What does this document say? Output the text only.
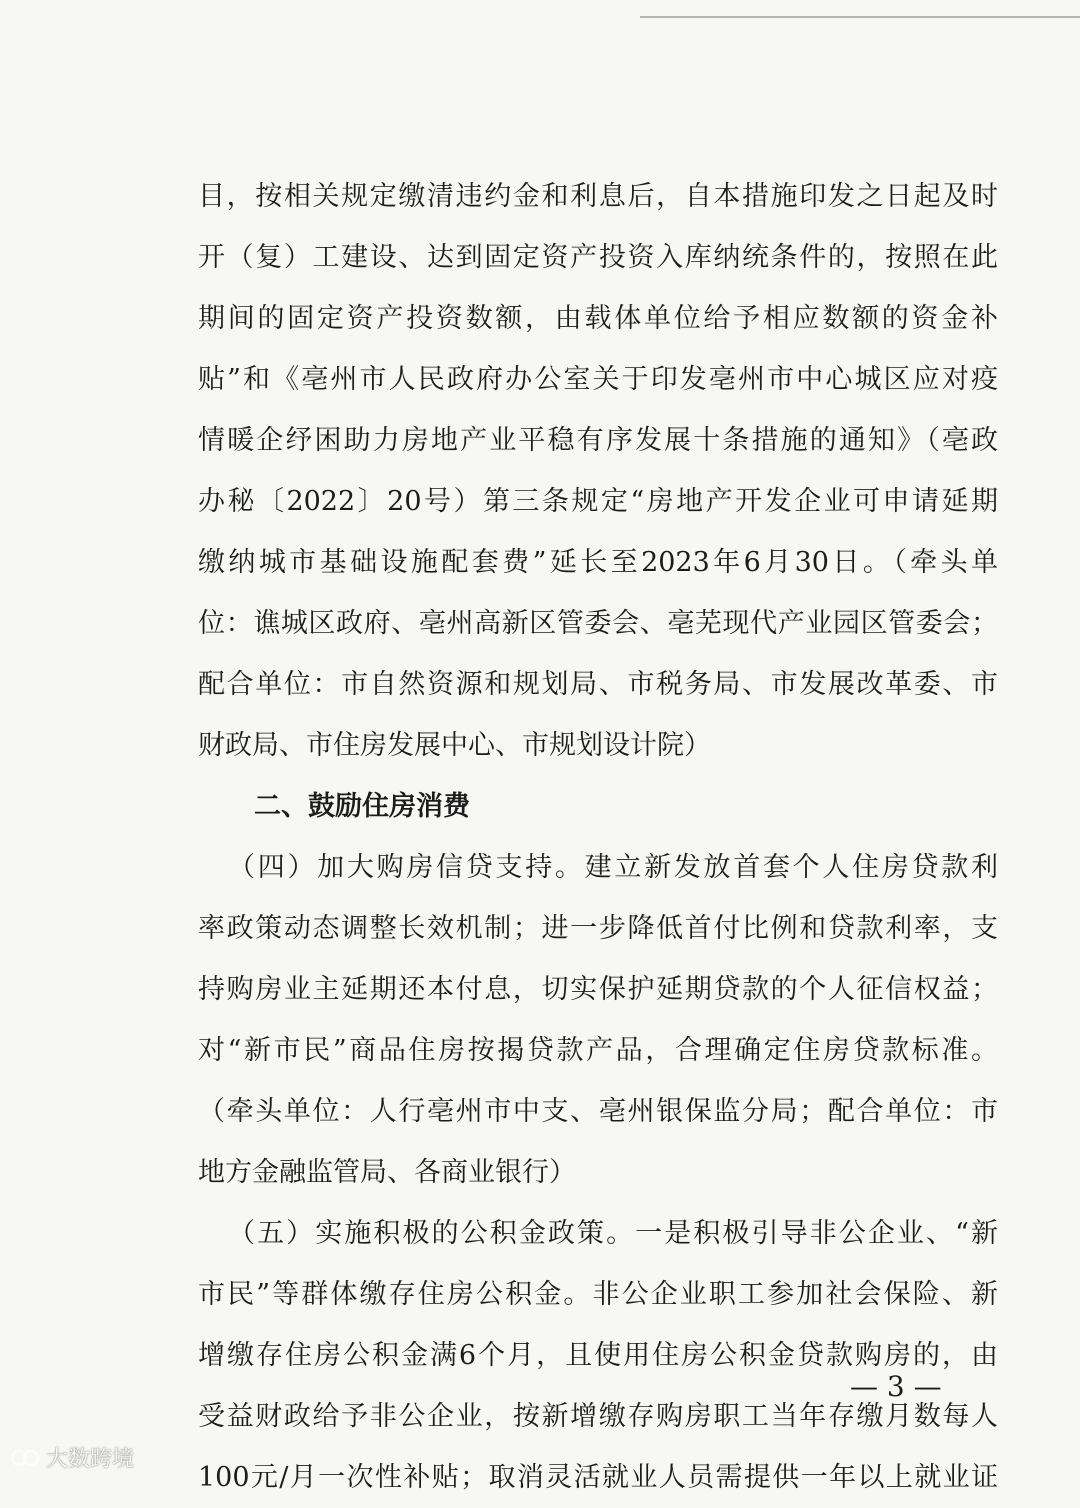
目，按相关规定缴清违约金和利息后，自本措施印发之日起及时
开（复）工建设、达到固定资产投资入库纳统条件的，按照在此
期间的固定资产投资数额，由载体单位给予相应数额的资金补
贴”和《亳州市人民政府办公室关于印发亳州市中心城区应对疫
情暖企纾困助力房地产业平稳有序发展十条措施的通知》（亳政
办秘〔2022〕20号）第三条规定“房地产开发企业可申请延期
缴纳城市基础设施配套费”延长至2023年6月30日。（牵头单
位：谯城区政府、亳州高新区管委会、亳芜现代产业园区管委会；
配合单位：市自然资源和规划局、市税务局、市发展改革委、市
财政局、市住房发展中心、市规划设计院）
二、鼓励住房消费
（四）加大购房信贷支持。建立新发放首套个人住房贷款利
率政策动态调整长效机制；进一步降低首付比例和贷款利率，支
持购房业主延期还本付息，切实保护延期贷款的个人征信权益；
对“新市民”商品住房按揭贷款产品，合理确定住房贷款标准。
（牵头单位：人行亳州市中支、亳州银保监分局；配合单位：市
地方金融监管局、各商业银行）
（五）实施积极的公积金政策。一是积极引导非公企业、“新
市民”等群体缴存住房公积金。非公企业职工参加社会保险、新
增缴存住房公积金满6个月，且使用住房公积金贷款购房的，由
受益财政给予非公企业，按新增缴存购房职工当年存缴月数每人
100元/月一次性补贴；取消灵活就业人员需提供一年以上就业证
— 3 —
大数跨境
